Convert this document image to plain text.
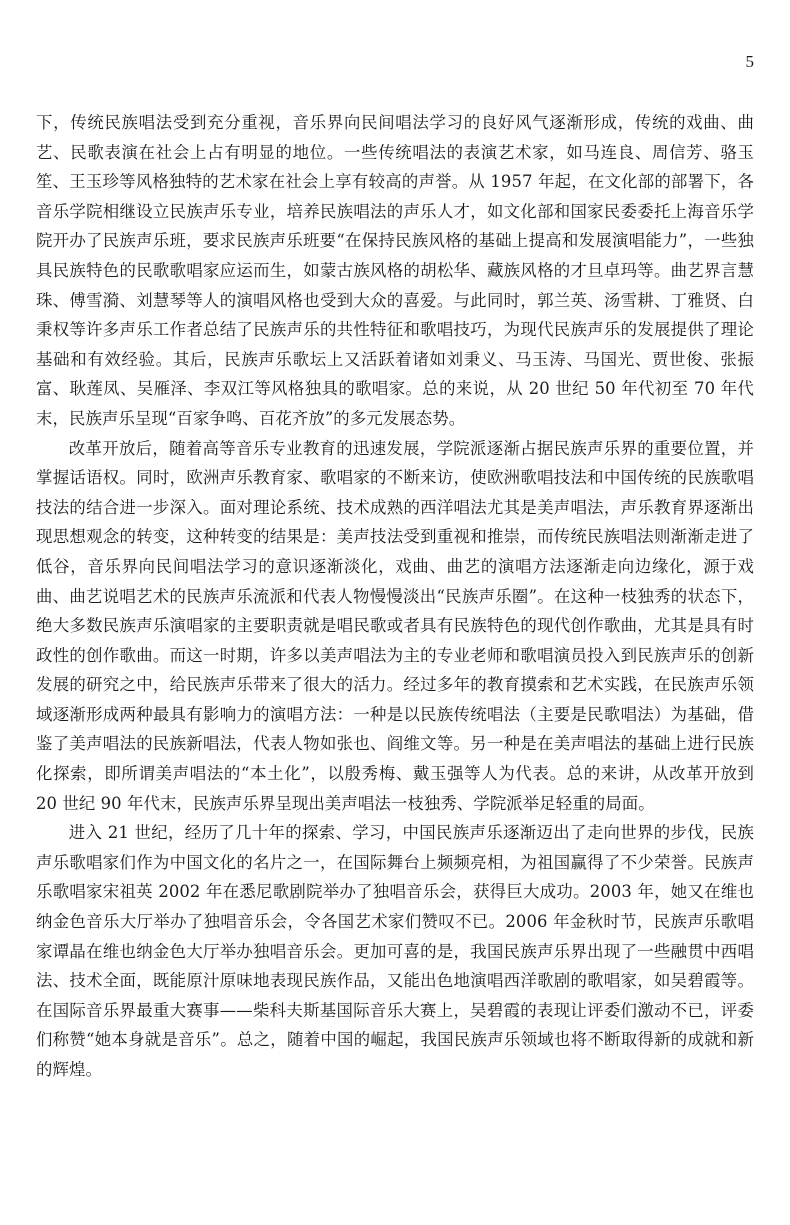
5

下，传统民族唱法受到充分重视，音乐界向民间唱法学习的良好风气逐渐形成，传统的戏曲、曲艺、民歌表演在社会上占有明显的地位。一些传统唱法的表演艺术家，如马连良、周信芳、骆玉笙、王玉珍等风格独特的艺术家在社会上享有较高的声誉。从 1957 年起，在文化部的部署下，各音乐学院相继设立民族声乐专业，培养民族唱法的声乐人才，如文化部和国家民委委托上海音乐学院开办了民族声乐班，要求民族声乐班要“在保持民族风格的基础上提高和发展演唱能力”，一些独具民族特色的民歌歌唱家应运而生，如蒙古族风格的胡松华、藏族风格的才旦卓玛等。曲艺界言慧珠、傅雪漪、刘慧琴等人的演唱风格也受到大众的喜爱。与此同时，郭兰英、汤雪耕、丁雅贤、白秉权等许多声乐工作者总结了民族声乐的共性特征和歌唱技巧，为现代民族声乐的发展提供了理论基础和有效经验。其后，民族声乐歌坛上又活跃着诸如刘秉义、马玉涛、马国光、贾世俊、张振富、耿莲凤、吴雁泽、李双江等风格独具的歌唱家。总的来说，从 20 世纪 50 年代初至 70 年代末，民族声乐呈现“百家争鸣、百花齐放”的多元发展态势。

改革开放后，随着高等音乐专业教育的迅速发展，学院派逐渐占据民族声乐界的重要位置，并掌握话语权。同时，欧洲声乐教育家、歌唱家的不断来访，使欧洲歌唱技法和中国传统的民族歌唱技法的结合进一步深入。面对理论系统、技术成熟的西洋唱法尤其是美声唱法，声乐教育界逐渐出现思想观念的转变，这种转变的结果是：美声技法受到重视和推崇，而传统民族唱法则渐渐走进了低谷，音乐界向民间唱法学习的意识逐渐淡化，戏曲、曲艺的演唱方法逐渐走向边缘化，源于戏曲、曲艺说唱艺术的民族声乐流派和代表人物慢慢淡出“民族声乐圈”。在这种一枝独秀的状态下，绝大多数民族声乐演唱家的主要职责就是唱民歌或者具有民族特色的现代创作歌曲，尤其是具有时政性的创作歌曲。而这一时期，许多以美声唱法为主的专业老师和歌唱演员投入到民族声乐的创新发展的研究之中，给民族声乐带来了很大的活力。经过多年的教育摸索和艺术实践，在民族声乐领域逐渐形成两种最具有影响力的演唱方法：一种是以民族传统唱法（主要是民歌唱法）为基础，借鉴了美声唱法的民族新唱法，代表人物如张也、阎维文等。另一种是在美声唱法的基础上进行民族化探索，即所谓美声唱法的“本土化”，以殷秀梅、戴玉强等人为代表。总的来讲，从改革开放到 20 世纪 90 年代末，民族声乐界呈现出美声唱法一枝独秀、学院派举足轻重的局面。

进入 21 世纪，经历了几十年的探索、学习，中国民族声乐逐渐迈出了走向世界的步伐，民族声乐歌唱家们作为中国文化的名片之一，在国际舞台上频频亮相，为祖国赢得了不少荣誉。民族声乐歌唱家宋祖英 2002 年在悉尼歌剧院举办了独唱音乐会，获得巨大成功。2003 年，她又在维也纳金色音乐大厅举办了独唱音乐会，令各国艺术家们赞叹不已。2006 年金秋时节，民族声乐歌唱家谭晶在维也纳金色大厅举办独唱音乐会。更加可喜的是，我国民族声乐界出现了一些融贯中西唱法、技术全面，既能原汁原味地表现民族作品，又能出色地演唱西洋歌剧的歌唱家，如吴碧霞等。在国际音乐界最重大赛事——柴科夫斯基国际音乐大赛上，吴碧霞的表现让评委们激动不已，评委们称赞“她本身就是音乐”。总之，随着中国的崛起，我国民族声乐领域也将不断取得新的成就和新的辉煌。
